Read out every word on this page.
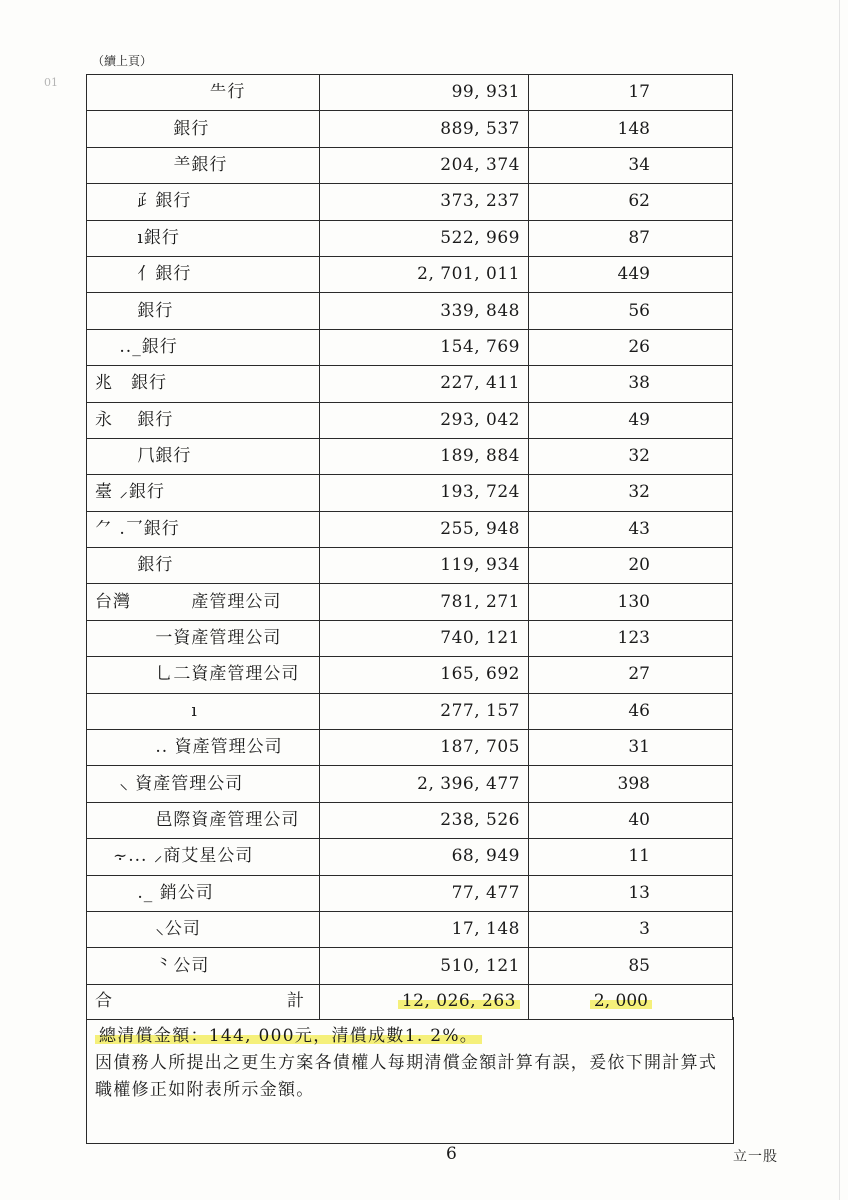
01
（續上頁）
　　　　　　 ⺧行	99, 931	17
　　　　 銀行	889, 537	148
　　　　 ⺷銀行	204, 374	34
　　 ⺪銀行	373, 237	62
　　 ı銀行	522, 969	87
　　 ⺅銀行	2, 701, 011	449
　　 銀行	339, 848	56
　 .._銀行	154, 769	26
兆　銀行	227, 411	38
永　 銀行	293, 042	49
　　 ⺇銀行	189, 884	32
臺 ⸝銀行	193, 724	32
⺈ .⺂銀行	255, 948	43
　　 銀行	119, 934	20
台灣　　　 產管理公司	781, 271	130
　　　 一資產管理公司	740, 121	123
　　　 ⺃二資產管理公司	165, 692	27
　　　　　 ı	277, 157	46
　　　 .. 資產管理公司	187, 705	31
　 ⸜ 資產管理公司	2, 396, 477	398
　　　 ⾢際資產管理公司	238, 526	40
　⸟... ⸝商艾星公司	68, 949	11
　　 ._ 銷公司	77, 477	13
　　　 ⸜公司	17, 148	3
　　　 ⺀公司	510, 121	85

合 計	12, 026, 263	2, 000

總清償金額：144, 000元，清償成數1. 2%。

因債務人所提出之更生方案各債權人每期清償金額計算有誤，爰依下開計算式職權修正如附表所示金額。

6	立一股
